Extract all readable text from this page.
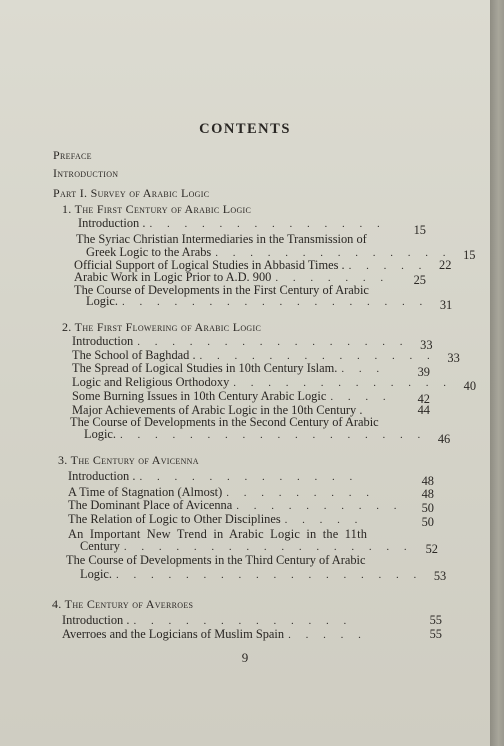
CONTENTS
Preface
Introduction
Part I. Survey of Arabic Logic
1. The First Century of Arabic Logic
Introduction . . . . . . . . . . . . . . .	15
The Syriac Christian Intermediaries in the Transmission of
Greek Logic to the Arabs . . . . . . . . . . . . . . 15
Official Support of Logical Studies in Abbasid Times . . . . . . 22
Arabic Work in Logic Prior to A.D. 900 . . . . . . .	25
The Course of Developments in the First Century of Arabic
Logic. . . . . . . . . . . . . . . . . . . 31
2. The First Flowering of Arabic Logic
Introduction . . . . . . . . . . . . . . . . 33
The School of Baghdad . . . . . . . . . . . . . . . 33
The Spread of Logical Studies in 10th Century Islam. . . .	39
Logic and Religious Orthodoxy . . . . . . . . . . . . . 40
Some Burning Issues in 10th Century Arabic Logic . . . .	42
Major Achievements of Arabic Logic in the 10th Century .	44
The Course of Developments in the Second Century of Arabic
Logic. . . . . . . . . . . . . . . . . . . 46
3. The Century of Avicenna
Introduction . . . . . . . . . . . . . .	48
A Time of Stagnation (Almost) . . . . . . . . .	48
The Dominant Place of Avicenna . . . . . . . . . .	50
The Relation of Logic to Other Disciplines . . . . .	50
An Important New Trend in Arabic Logic in the 11th
Century . . . . . . . . . . . . . . . . .	52
The Course of Developments in the Third Century of Arabic
Logic. . . . . . . . . . . . . . . . . . . 53
4. The Century of Averroes
Introduction . . . . . . . . . . . . . .	55
Averroes and the Logicians of Muslim Spain . . . . .	55
9
